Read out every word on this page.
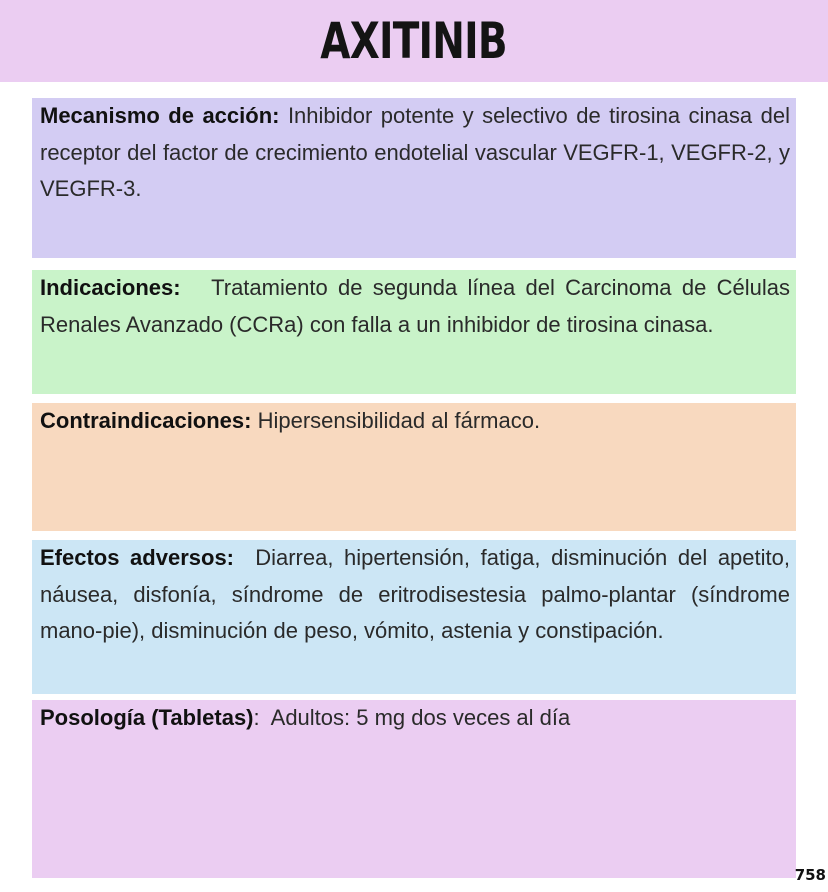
AXITINIB
Mecanismo de acción: Inhibidor potente y selectivo de tirosina cinasa del receptor del factor de crecimiento endotelial vascular VEGFR-1, VEGFR-2, y VEGFR-3.
Indicaciones:   Tratamiento de segunda línea del Carcinoma de Células Renales Avanzado (CCRa) con falla a un inhibidor de tirosina cinasa.
Contraindicaciones: Hipersensibilidad al fármaco.
Efectos adversos:  Diarrea, hipertensión, fatiga, disminución del apetito, náusea, disfonía, síndrome de eritrodisestesia palmo-plantar (síndrome mano-pie), disminución de peso, vómito, astenia y constipación.
Posología (Tabletas):  Adultos: 5 mg dos veces al día
758
